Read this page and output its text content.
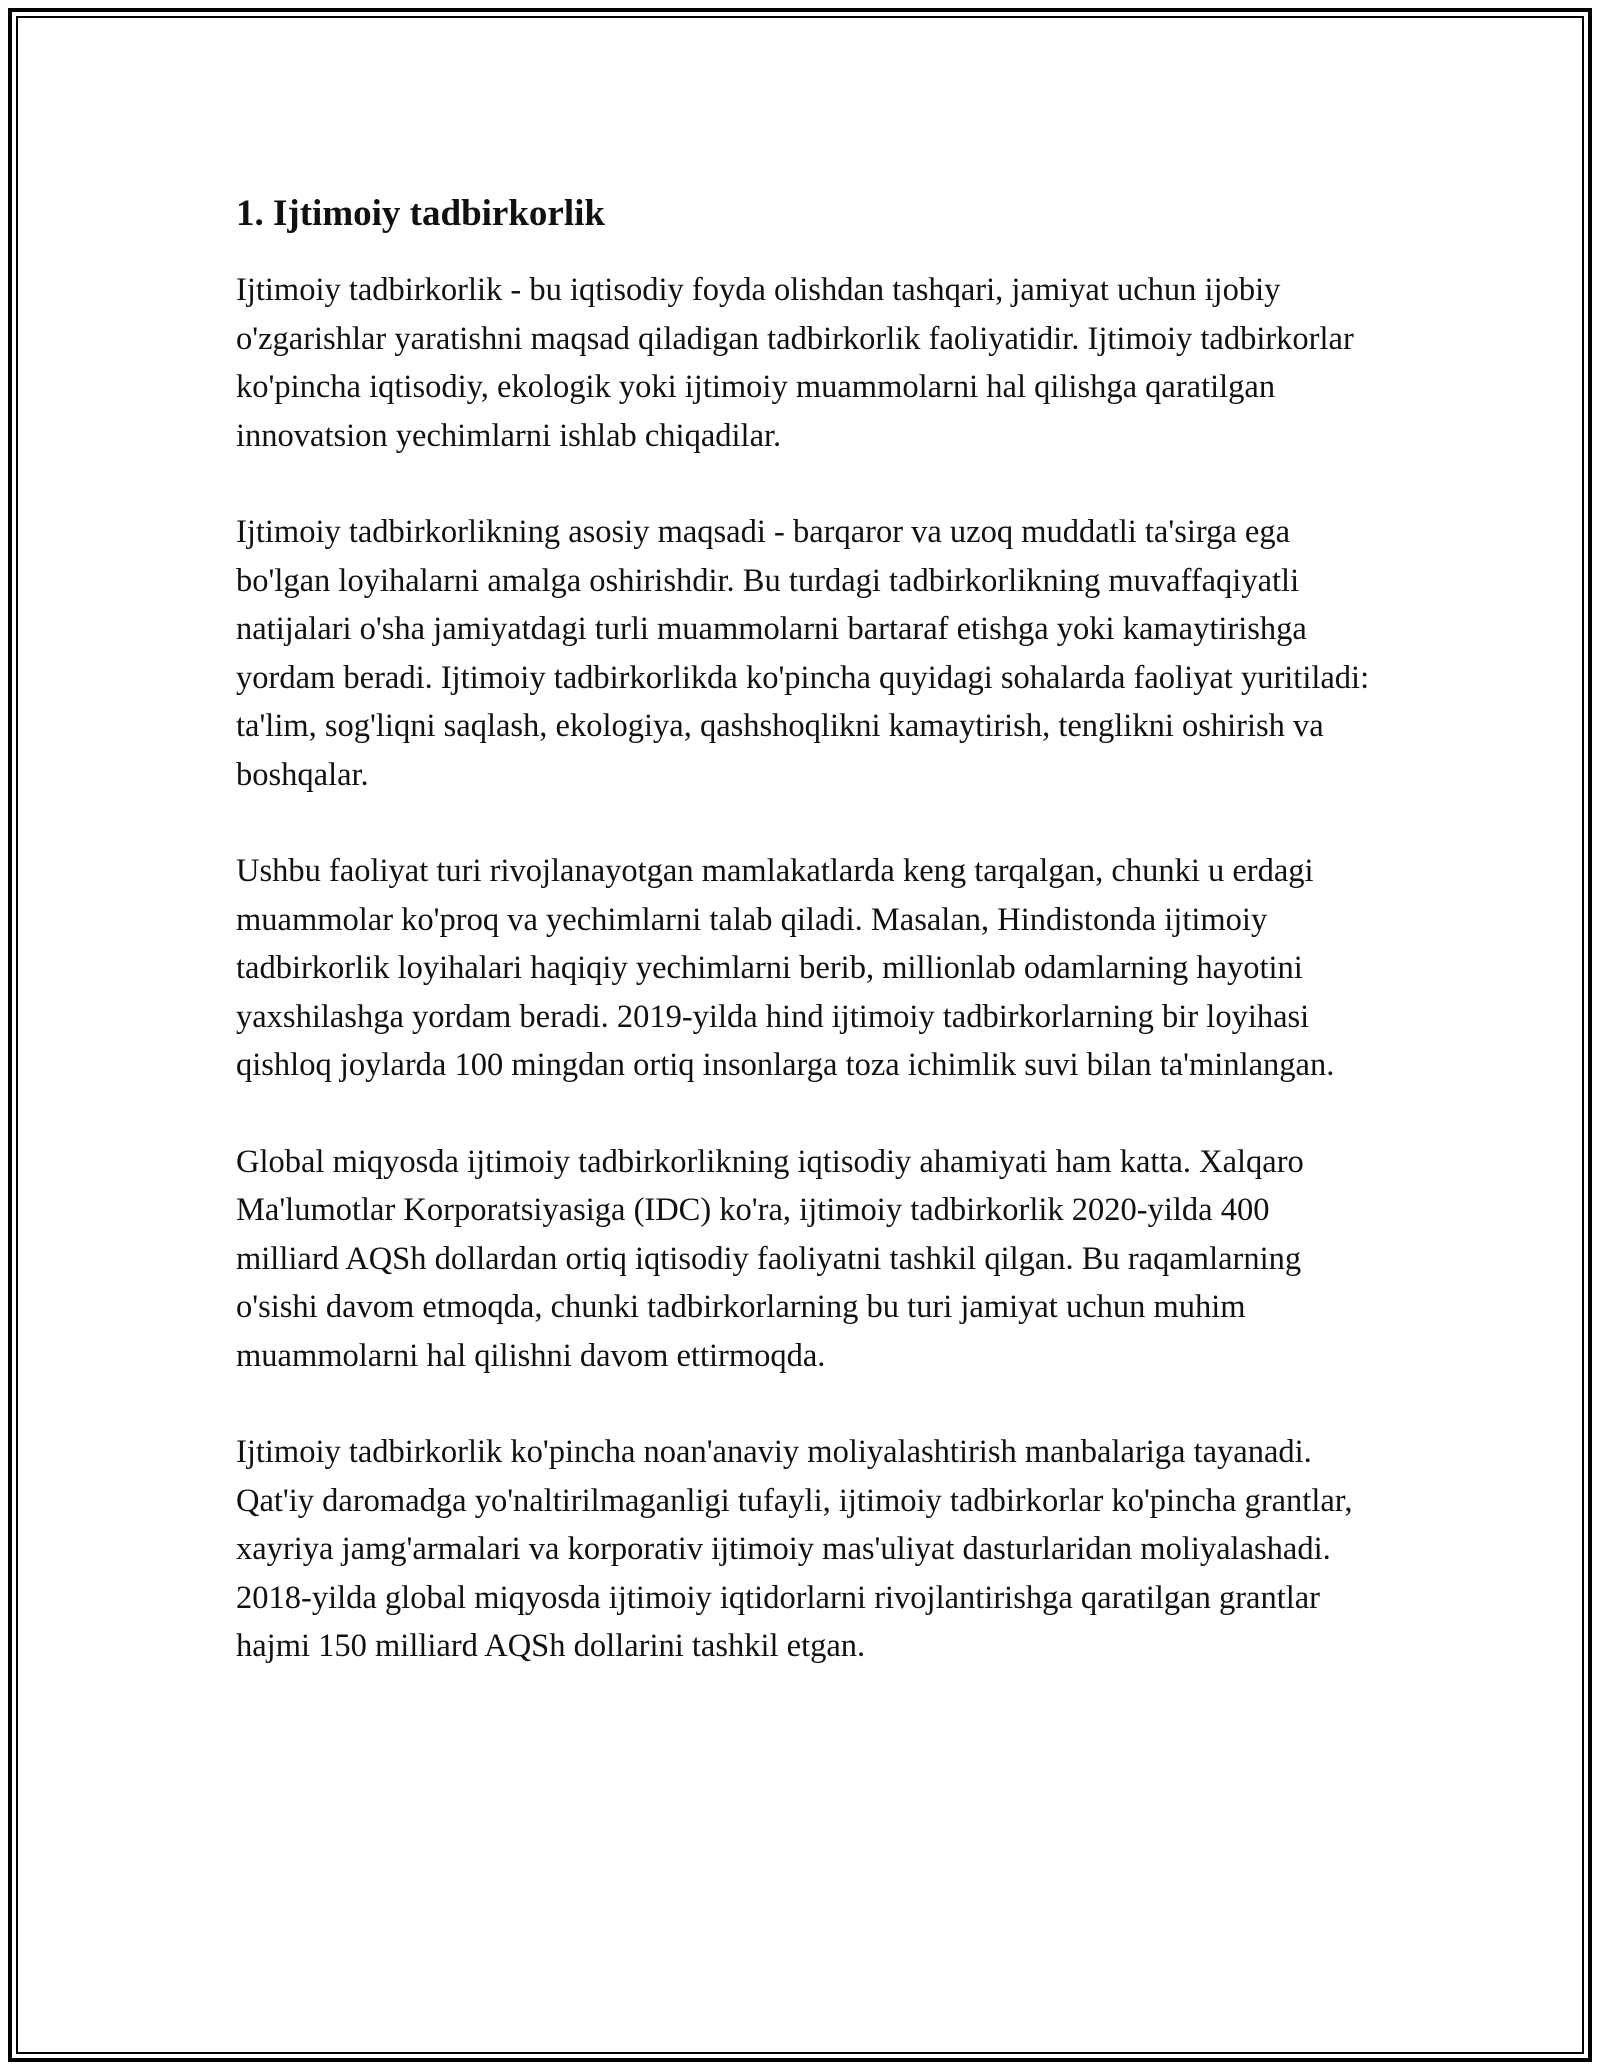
1. Ijtimoiy tadbirkorlik

Ijtimoiy tadbirkorlik - bu iqtisodiy foyda olishdan tashqari, jamiyat uchun ijobiy o'zgarishlar yaratishni maqsad qiladigan tadbirkorlik faoliyatidir. Ijtimoiy tadbirkorlar ko'pincha iqtisodiy, ekologik yoki ijtimoiy muammolarni hal qilishga qaratilgan innovatsion yechimlarni ishlab chiqadilar.

Ijtimoiy tadbirkorlikning asosiy maqsadi - barqaror va uzoq muddatli ta'sirga ega bo'lgan loyihalarni amalga oshirishdir. Bu turdagi tadbirkorlikning muvaffaqiyatli natijalari o'sha jamiyatdagi turli muammolarni bartaraf etishga yoki kamaytirishga yordam beradi. Ijtimoiy tadbirkorlikda ko'pincha quyidagi sohalarda faoliyat yuritiladi: ta'lim, sog'liqni saqlash, ekologiya, qashshoqlikni kamaytirish, tenglikni oshirish va boshqalar.

Ushbu faoliyat turi rivojlanayotgan mamlakatlarda keng tarqalgan, chunki u erdagi muammolar ko'proq va yechimlarni talab qiladi. Masalan, Hindistonda ijtimoiy tadbirkorlik loyihalari haqiqiy yechimlarni berib, millionlab odamlarning hayotini yaxshilashga yordam beradi. 2019-yilda hind ijtimoiy tadbirkorlarning bir loyihasi qishloq joylarda 100 mingdan ortiq insonlarga toza ichimlik suvi bilan ta'minlangan.

Global miqyosda ijtimoiy tadbirkorlikning iqtisodiy ahamiyati ham katta. Xalqaro Ma'lumotlar Korporatsiyasiga (IDC) ko'ra, ijtimoiy tadbirkorlik 2020-yilda 400 milliard AQSh dollardan ortiq iqtisodiy faoliyatni tashkil qilgan. Bu raqamlarning o'sishi davom etmoqda, chunki tadbirkorlarning bu turi jamiyat uchun muhim muammolarni hal qilishni davom ettirmoqda.

Ijtimoiy tadbirkorlik ko'pincha noan'anaviy moliyalashtirish manbalariga tayanadi. Qat'iy daromadga yo'naltirilmaganligi tufayli, ijtimoiy tadbirkorlar ko'pincha grantlar, xayriya jamg'armalari va korporativ ijtimoiy mas'uliyat dasturlaridan moliyalashadi. 2018-yilda global miqyosda ijtimoiy iqtidorlarni rivojlantirishga qaratilgan grantlar hajmi 150 milliard AQSh dollarini tashkil etgan.
